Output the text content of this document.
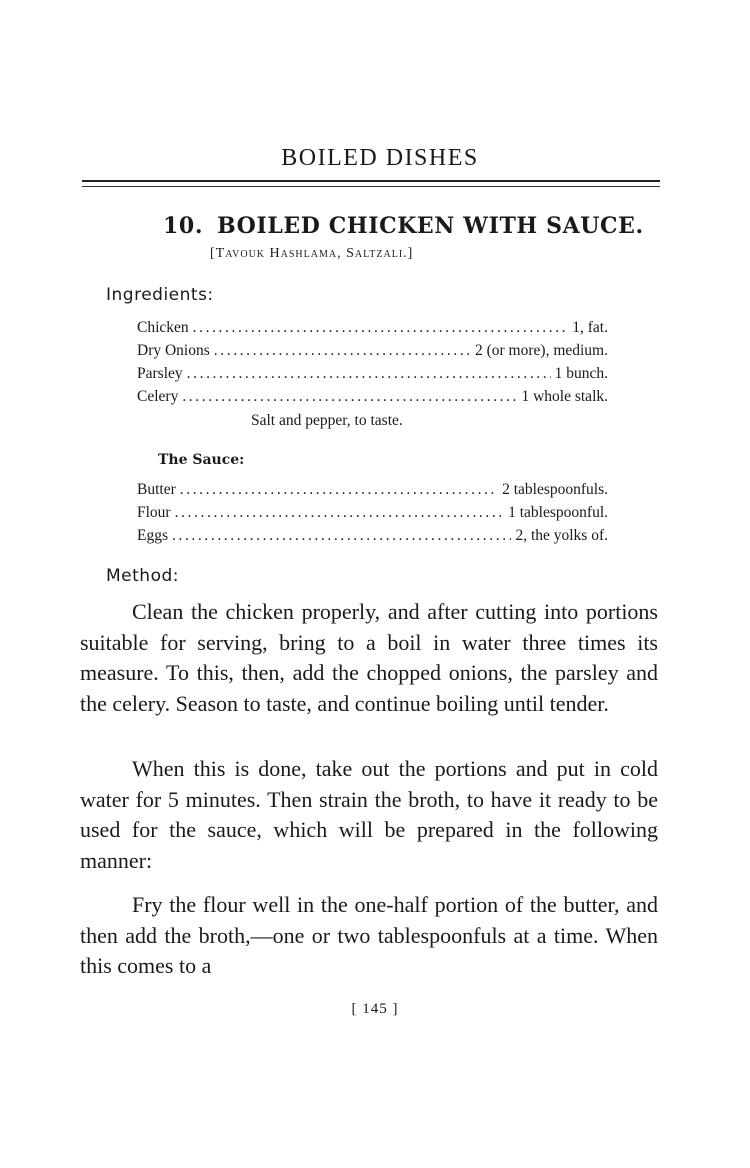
BOILED DISHES
10. BOILED CHICKEN WITH SAUCE.
[Tavouk Hashlama, Saltzali.]
Ingredients:
Chicken .....	1, fat.
Dry Onions .....	2 (or more), medium.
Parsley .....	1 bunch.
Celery .....	1 whole stalk.
Salt and pepper, to taste.
The Sauce:
Butter .....	2 tablespoonfuls.
Flour .....	1 tablespoonful.
Eggs .....	2, the yolks of.
Method:

Clean the chicken properly, and after cutting into portions suitable for serving, bring to a boil in water three times its measure. To this, then, add the chopped onions, the parsley and the celery. Season to taste, and continue boiling until tender.

When this is done, take out the portions and put in cold water for 5 minutes. Then strain the broth, to have it ready to be used for the sauce, which will be prepared in the following manner:

Fry the flour well in the one-half portion of the butter, and then add the broth,—one or two tablespoonfuls at a time. When this comes to a

[ 145 ]
